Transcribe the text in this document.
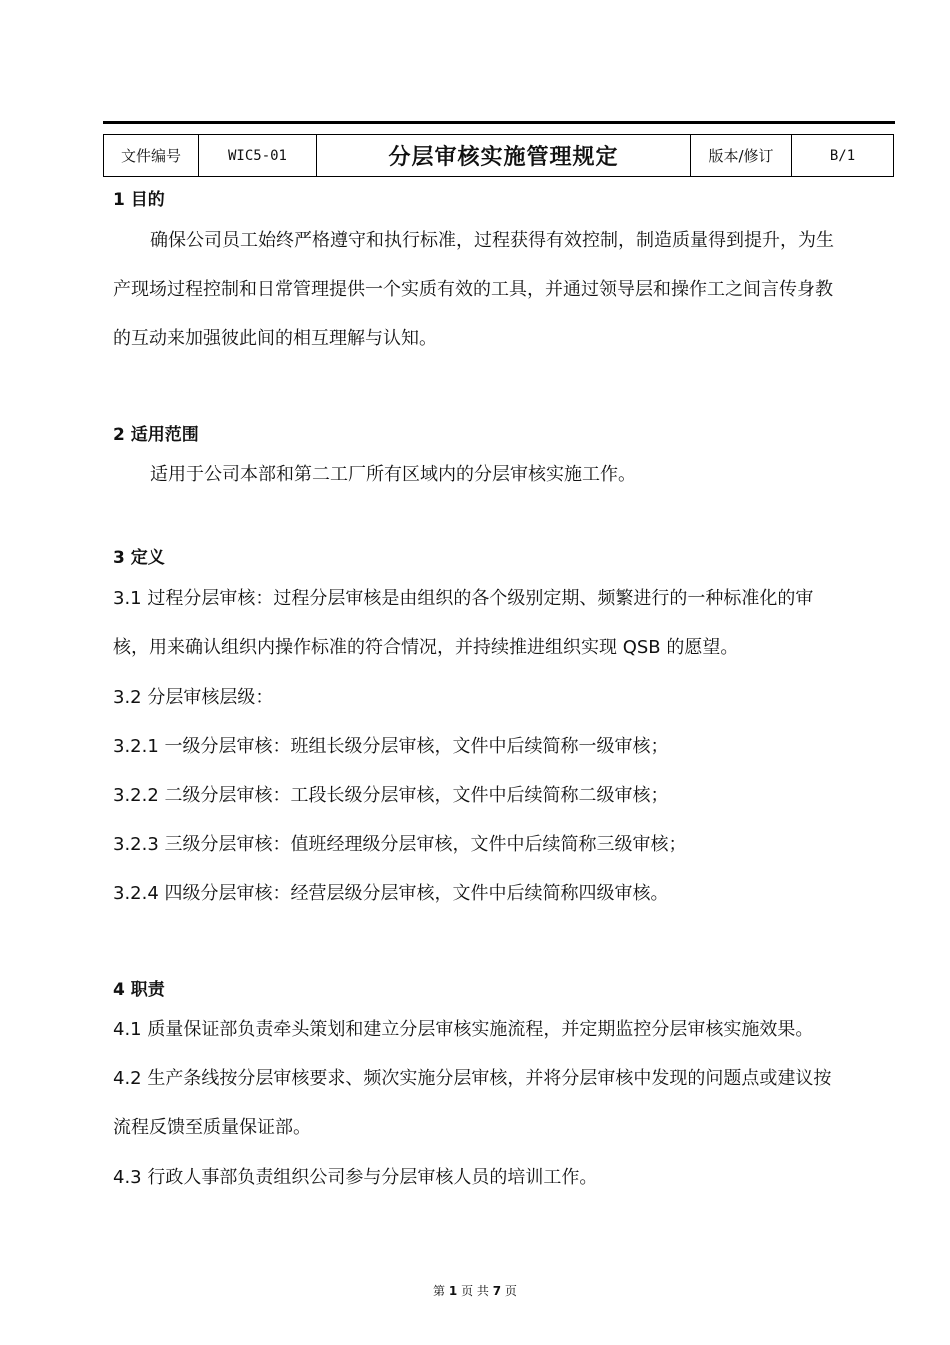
文件编号	WIC5-01	分层审核实施管理规定	版本/修订	B/1
1 目的
确保公司员工始终严格遵守和执行标准，过程获得有效控制，制造质量得到提升，为生
产现场过程控制和日常管理提供一个实质有效的工具，并通过领导层和操作工之间言传身教
的互动来加强彼此间的相互理解与认知。
2 适用范围
适用于公司本部和第二工厂所有区域内的分层审核实施工作。
3 定义
3.1 过程分层审核：过程分层审核是由组织的各个级别定期、频繁进行的一种标准化的审
核，用来确认组织内操作标准的符合情况，并持续推进组织实现 QSB 的愿望。
3.2 分层审核层级：
3.2.1 一级分层审核：班组长级分层审核，文件中后续简称一级审核；
3.2.2 二级分层审核：工段长级分层审核，文件中后续简称二级审核；
3.2.3 三级分层审核：值班经理级分层审核，文件中后续简称三级审核；
3.2.4 四级分层审核：经营层级分层审核，文件中后续简称四级审核。
4 职责
4.1 质量保证部负责牵头策划和建立分层审核实施流程，并定期监控分层审核实施效果。
4.2 生产条线按分层审核要求、频次实施分层审核，并将分层审核中发现的问题点或建议按
流程反馈至质量保证部。
4.3 行政人事部负责组织公司参与分层审核人员的培训工作。
第 1 页 共 7 页
